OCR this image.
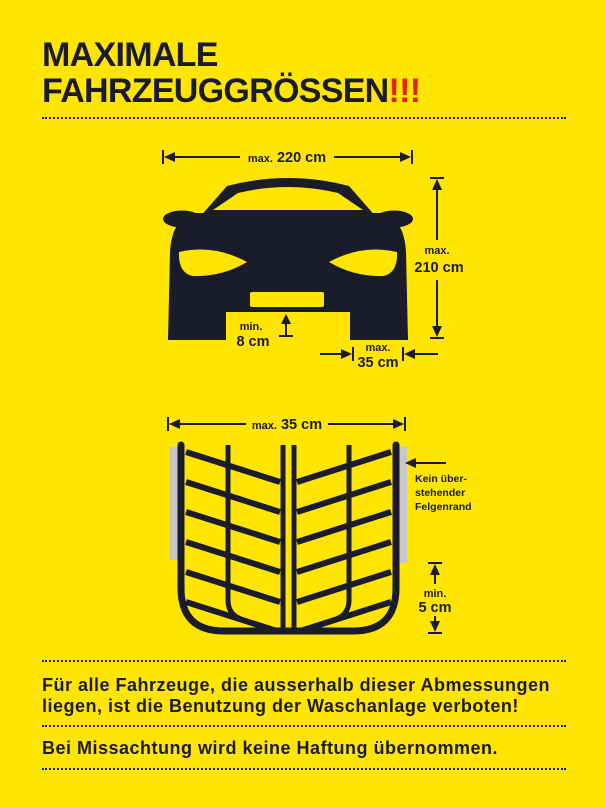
MAXIMALE
FAHRZEUGGRÖSSEN!!!
max. 220 cm
max.
210 cm
min.
8 cm	max.
35 cm
max. 35 cm
Kein über-
stehender
Felgenrand
min.
5 cm
Für alle Fahrzeuge, die ausserhalb dieser Abmessungen
liegen, ist die Benutzung der Waschanlage verboten!
Bei Missachtung wird keine Haftung übernommen.
